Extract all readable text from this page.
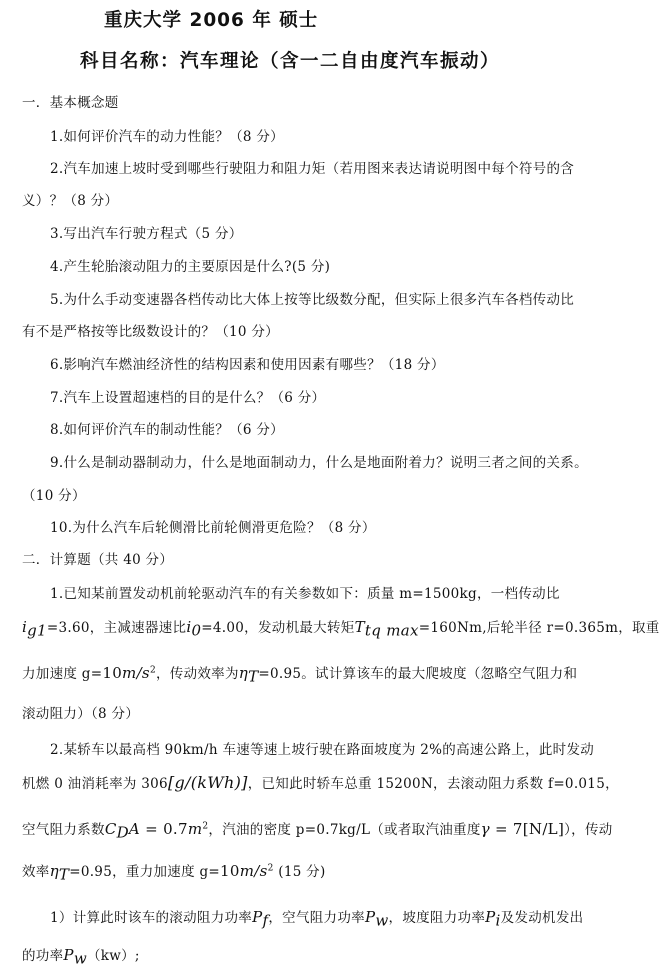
重庆大学 2006 年 硕士
科目名称：汽车理论（含一二自由度汽车振动）
一．基本概念题
1.如何评价汽车的动力性能？（8 分）
2.汽车加速上坡时受到哪些行驶阻力和阻力矩（若用图来表达请说明图中每个符号的含
义）？（8 分）
3.写出汽车行驶方程式（5 分）
4.产生轮胎滚动阻力的主要原因是什么?(5 分)
5.为什么手动变速器各档传动比大体上按等比级数分配，但实际上很多汽车各档传动比
有不是严格按等比级数设计的？（10 分）
6.影响汽车燃油经济性的结构因素和使用因素有哪些？（18 分）
7.汽车上设置超速档的目的是什么？（6 分）
8.如何评价汽车的制动性能？（6 分）
9.什么是制动器制动力，什么是地面制动力，什么是地面附着力？说明三者之间的关系。
（10 分）
10.为什么汽车后轮侧滑比前轮侧滑更危险？（8 分）
二．计算题（共 40 分）
1.已知某前置发动机前轮驱动汽车的有关参数如下：质量 m=1500kg，一档传动比
$i_{g1}=3.60$，主减速器速比$i_0=4.00$，发动机最大转矩$T_{tq max}=160Nm$,后轮半径 r=0.365m，取重
力加速度 $g=10m/s^2$，传动效率为$\eta_T=0.95$。试计算该车的最大爬坡度（忽略空气阻力和
滚动阻力）（8 分）
2.某轿车以最高档 90km/h 车速等速上坡行驶在路面坡度为 2%的高速公路上，此时发动
机燃 0 油消耗率为 306[g/(kWh)]，已知此时轿车总重 15200N，去滚动阻力系数 f=0.015，
空气阻力系数$C_DA = 0.7m^2$，汽油的密度 p=0.7kg/L（或者取汽油重度γ = 7[N/L]），传动
效率$\eta_T=0.95$，重力加速度 $g=10m/s^2$ (15 分)
1）计算此时该车的滚动阻力功率$P_f$，空气阻力功率$P_w$，坡度阻力功率$P_i$及发动机发出
的功率$P_w(kw)$;
